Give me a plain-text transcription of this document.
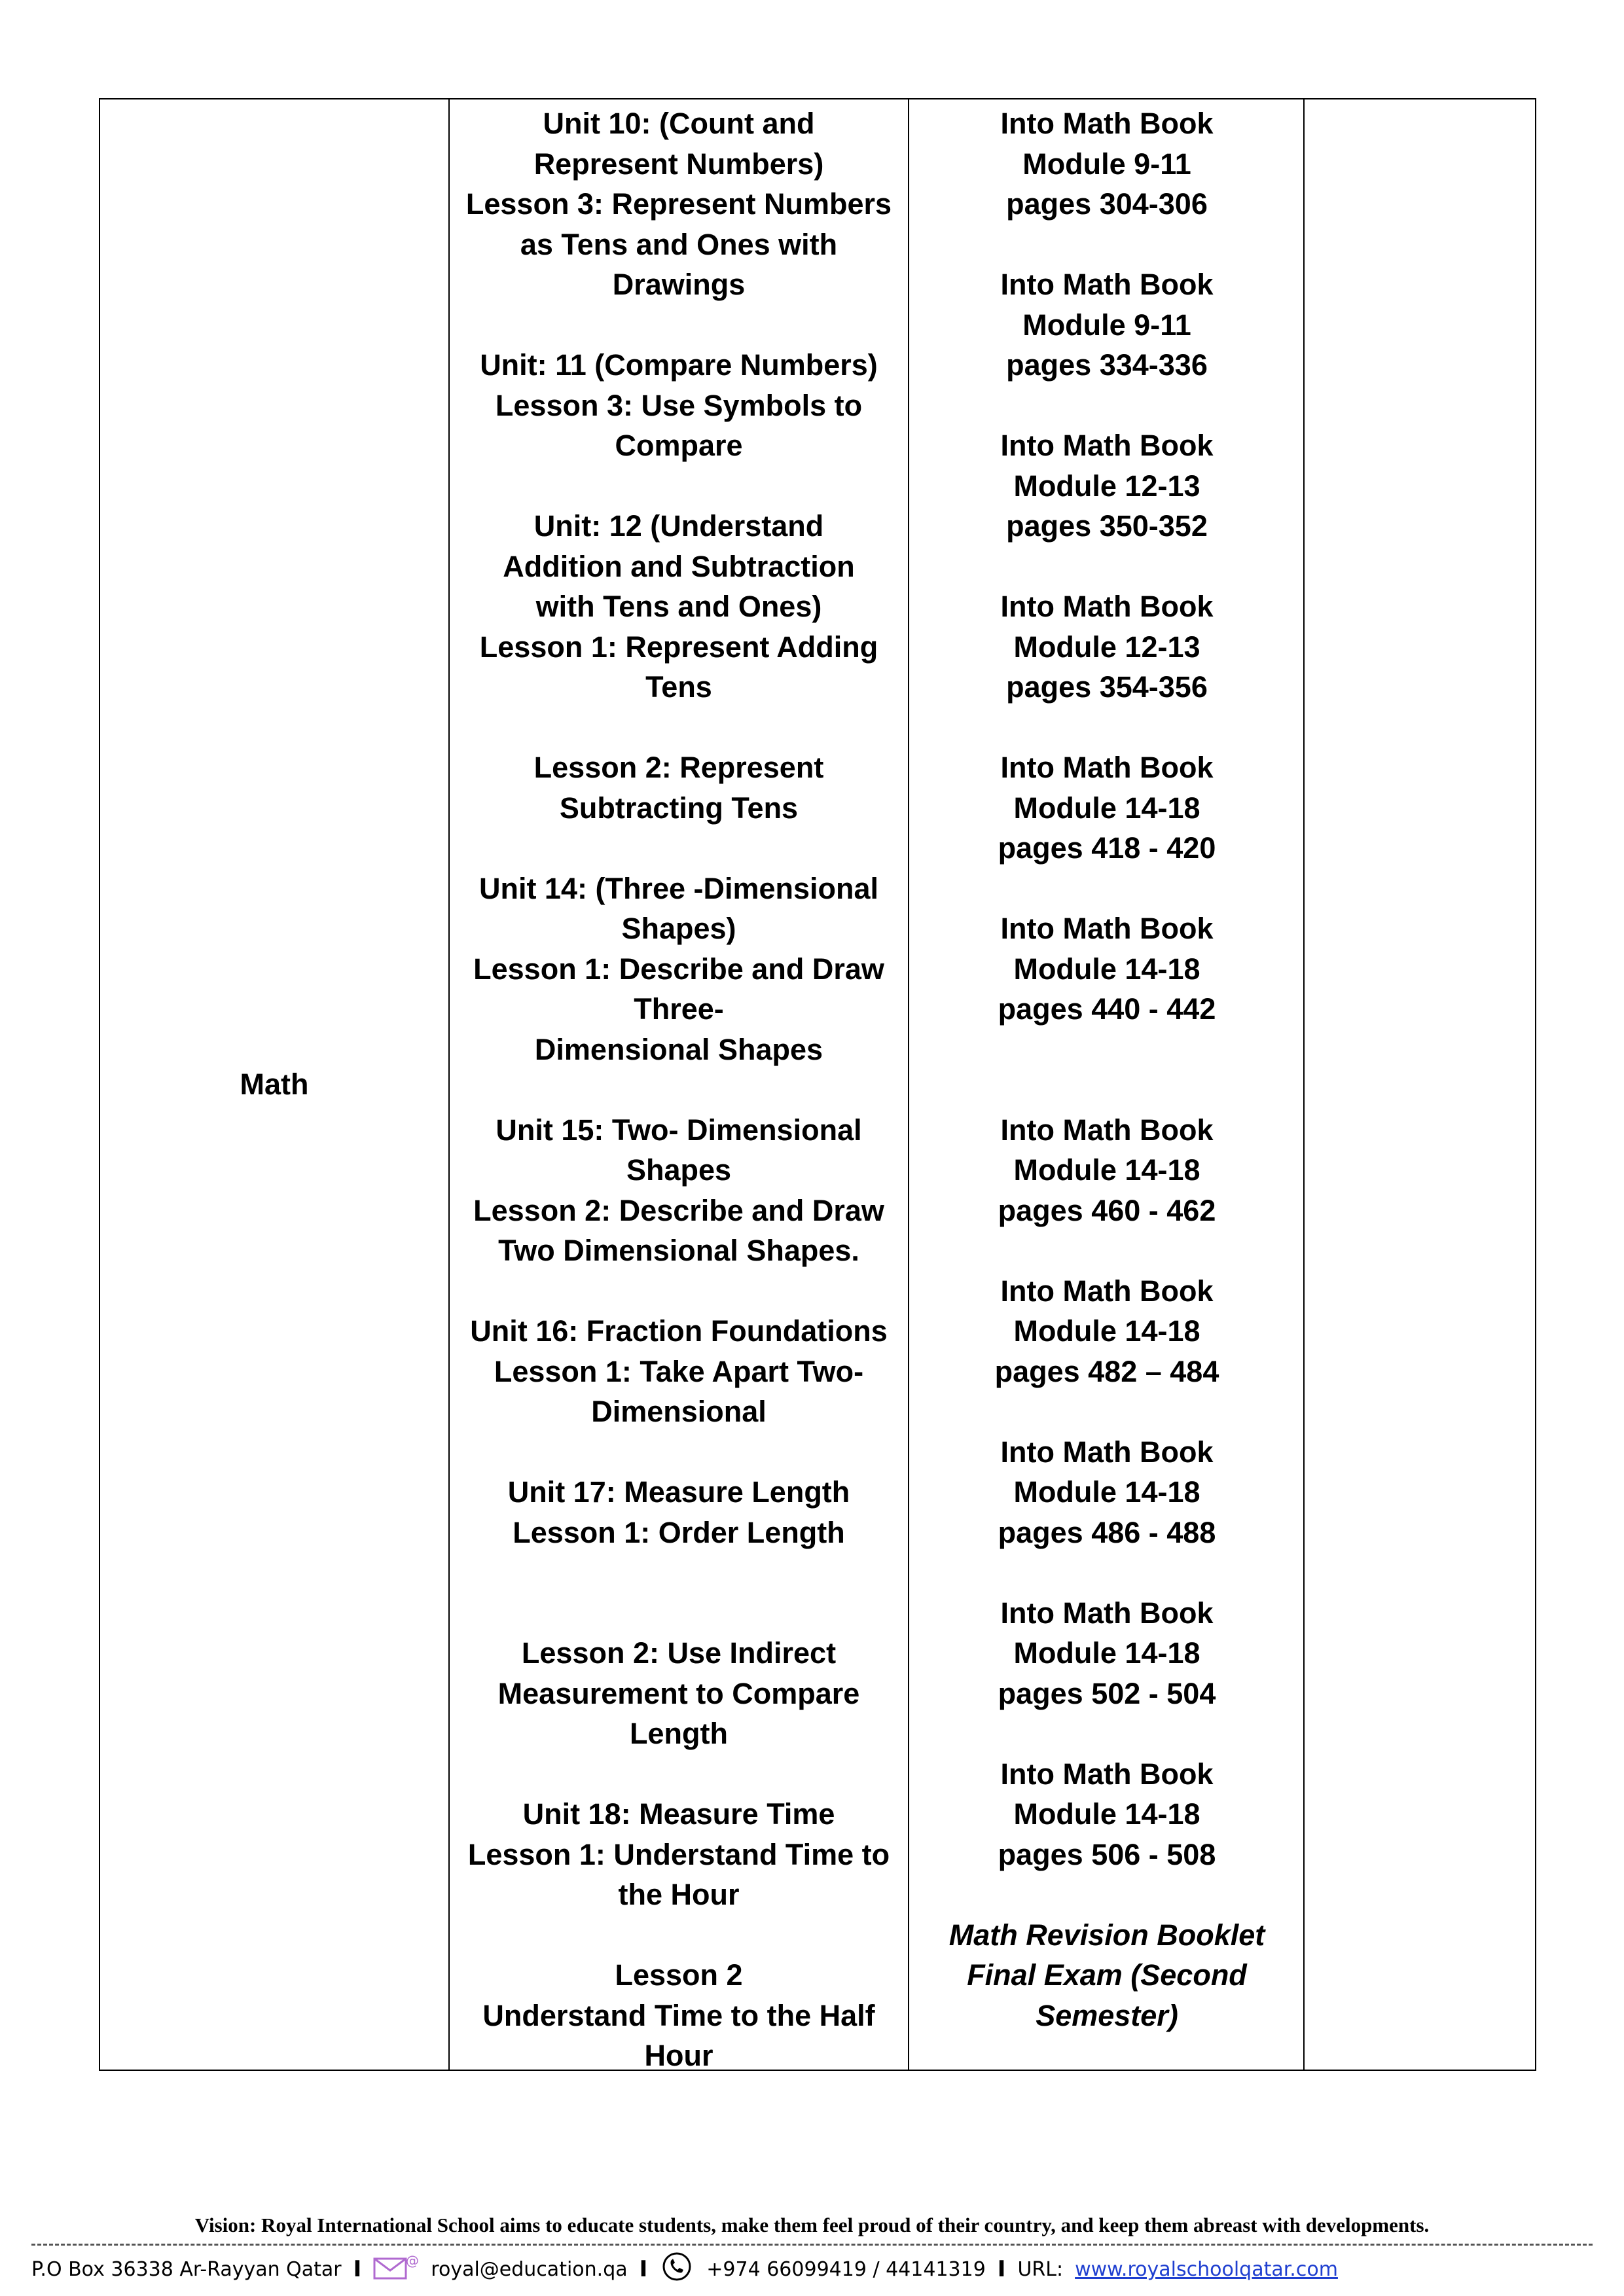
Math
Unit 10: (Count and
Represent Numbers)
Lesson 3: Represent Numbers
as Tens and Ones with
Drawings
Unit: 11 (Compare Numbers)
Lesson 3: Use Symbols to
Compare
Unit: 12 (Understand
Addition and Subtraction
with Tens and Ones)
Lesson 1: Represent Adding
Tens
Lesson 2: Represent
Subtracting Tens
Unit 14: (Three -Dimensional
Shapes)
Lesson 1: Describe and Draw
Three-
Dimensional Shapes
Unit 15: Two- Dimensional
Shapes
Lesson 2: Describe and Draw
Two Dimensional Shapes.
Unit 16: Fraction Foundations
Lesson 1: Take Apart Two-
Dimensional
Unit 17: Measure Length
Lesson 1: Order Length
Lesson 2: Use Indirect
Measurement to Compare
Length
Unit 18: Measure Time
Lesson 1: Understand Time to
the Hour
Lesson 2
Understand Time to the Half
Hour
Into Math Book
Module 9-11
pages 304-306
Into Math Book
Module 9-11
pages 334-336
Into Math Book
Module 12-13
pages 350-352
Into Math Book
Module 12-13
pages 354-356
Into Math Book
Module 14-18
pages 418 - 420
Into Math Book
Module 14-18
pages 440 - 442
Into Math Book
Module 14-18
pages 460 - 462
Into Math Book
Module 14-18
pages 482 – 484
Into Math Book
Module 14-18
pages 486 - 488
Into Math Book
Module 14-18
pages 502 - 504
Into Math Book
Module 14-18
pages 506 - 508
Math Revision Booklet
Final Exam (Second
Semester)
Vision: Royal International School aims to educate students, make them feel proud of their country, and keep them abreast with developments.
P.O Box 36338 Ar-Rayyan Qatar I	@ royal@education.qa I	+974 66099419 / 44141319 I URL: www.royalschoolqatar.com
